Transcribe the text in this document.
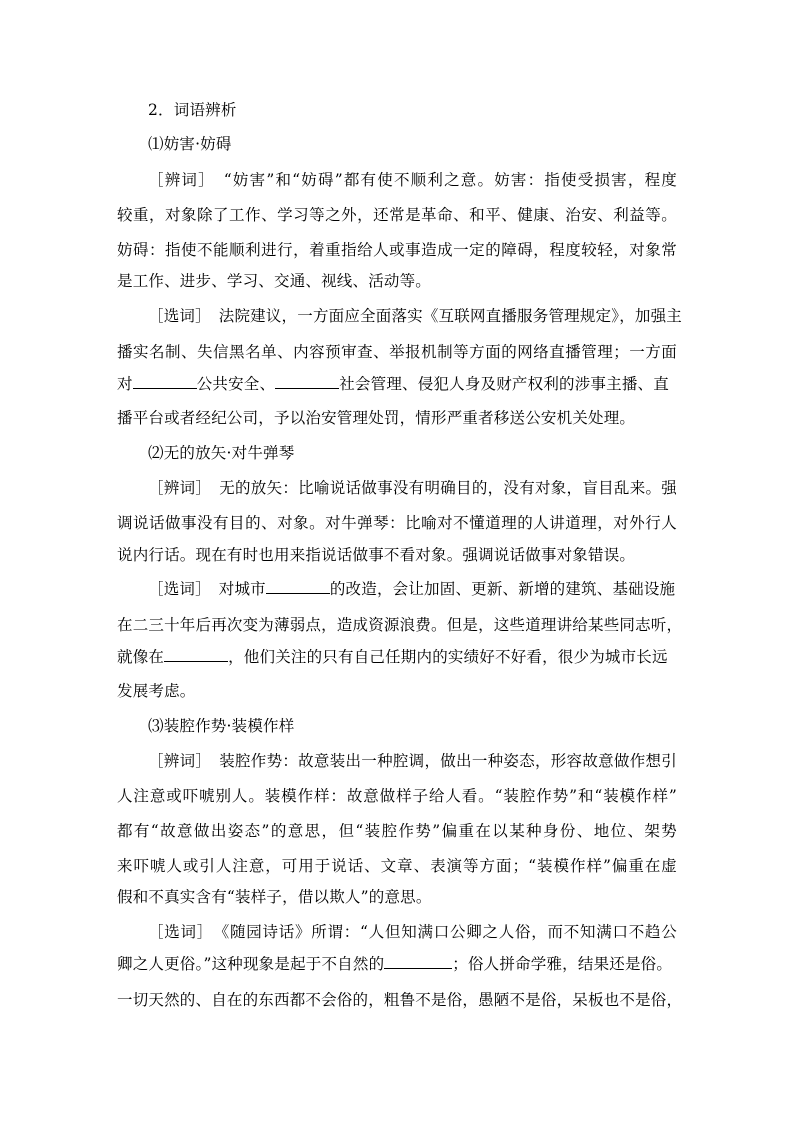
2．词语辨析
⑴妨害·妨碍
［辨词］　“妨害”和“妨碍”都有使不顺利之意。妨害：指使受损害，程度
较重，对象除了工作、学习等之外，还常是革命、和平、健康、治安、利益等。
妨碍：指使不能顺利进行，着重指给人或事造成一定的障碍，程度较轻，对象常
是工作、进步、学习、交通、视线、活动等。
［选词］　法院建议，一方面应全面落实《互联网直播服务管理规定》，加强主
播实名制、失信黑名单、内容预审查、举报机制等方面的网络直播管理；一方面
对	公共安全、	社会管理、侵犯人身及财产权利的涉事主播、直
播平台或者经纪公司，予以治安管理处罚，情形严重者移送公安机关处理。
⑵无的放矢·对牛弹琴
［辨词］　无的放矢：比喻说话做事没有明确目的，没有对象，盲目乱来。强
调说话做事没有目的、对象。对牛弹琴：比喻对不懂道理的人讲道理，对外行人
说内行话。现在有时也用来指说话做事不看对象。强调说话做事对象错误。
［选词］　对城市	的改造，会让加固、更新、新增的建筑、基础设施
在二三十年后再次变为薄弱点，造成资源浪费。但是，这些道理讲给某些同志听，
就像在	，他们关注的只有自己任期内的实绩好不好看，很少为城市长远
发展考虑。
⑶装腔作势·装模作样
［辨词］　装腔作势：故意装出一种腔调，做出一种姿态，形容故意做作想引
人注意或吓唬别人。装模作样：故意做样子给人看。“装腔作势”和“装模作样”
都有“故意做出姿态”的意思，但“装腔作势”偏重在以某种身份、地位、架势
来吓唬人或引人注意，可用于说话、文章、表演等方面；“装模作样”偏重在虚
假和不真实含有“装样子，借以欺人”的意思。
［选词］　《随园诗话》所谓：“人但知满口公卿之人俗，而不知满口不趋公
卿之人更俗。”这种现象是起于不自然的	；俗人拼命学雅，结果还是俗。
一切天然的、自在的东西都不会俗的，粗鲁不是俗，愚陋不是俗，呆板也不是俗，
